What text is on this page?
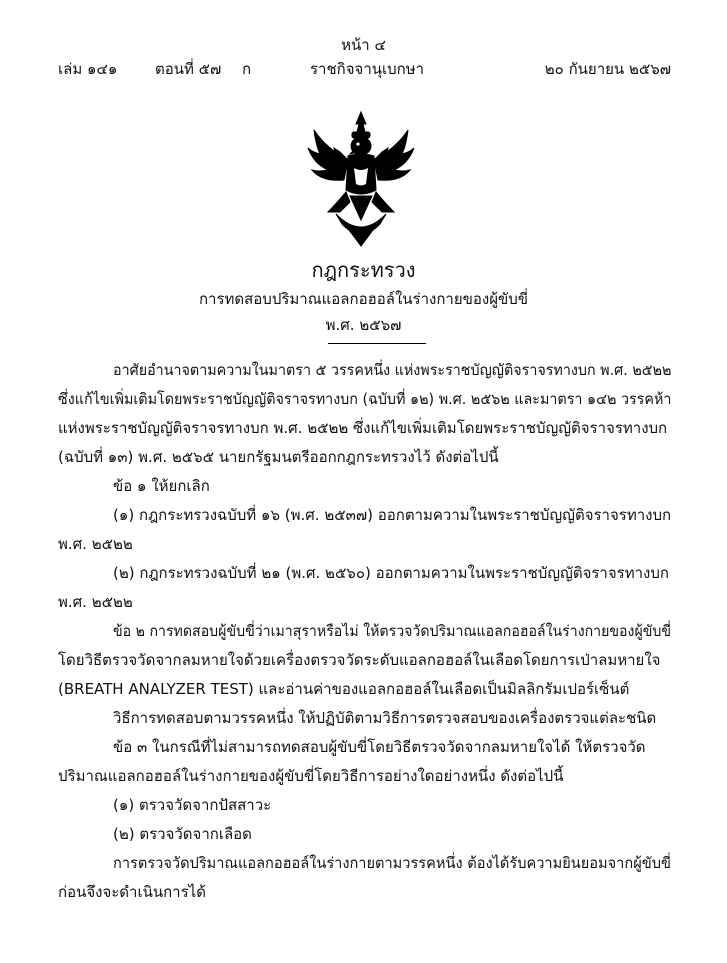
หน้า ๔
เล่ม ๑๔๑	ตอนที่ ๕๗ ก	ราชกิจจานุเบกษา	๒๐ กันยายน ๒๕๖๗
กฎกระทรวง
การทดสอบปริมาณแอลกอฮอล์ในร่างกายของผู้ขับขี่
พ.ศ. ๒๕๖๗
อาศัยอำนาจตามความในมาตรา ๕ วรรคหนึ่ง แห่งพระราชบัญญัติจราจรทางบก พ.ศ. ๒๕๒๒
ซึ่งแก้ไขเพิ่มเติมโดยพระราชบัญญัติจราจรทางบก (ฉบับที่ ๑๒) พ.ศ. ๒๕๖๒ และมาตรา ๑๔๒ วรรคห้า
แห่งพระราชบัญญัติจราจรทางบก พ.ศ. ๒๕๒๒ ซึ่งแก้ไขเพิ่มเติมโดยพระราชบัญญัติจราจรทางบก
(ฉบับที่ ๑๓) พ.ศ. ๒๕๖๕ นายกรัฐมนตรีออกกฎกระทรวงไว้ ดังต่อไปนี้
ข้อ ๑ ให้ยกเลิก
(๑) กฎกระทรวงฉบับที่ ๑๖ (พ.ศ. ๒๕๓๗) ออกตามความในพระราชบัญญัติจราจรทางบก
พ.ศ. ๒๕๒๒
(๒) กฎกระทรวงฉบับที่ ๒๑ (พ.ศ. ๒๕๖๐) ออกตามความในพระราชบัญญัติจราจรทางบก
พ.ศ. ๒๕๒๒
ข้อ ๒ การทดสอบผู้ขับขี่ว่าเมาสุราหรือไม่ ให้ตรวจวัดปริมาณแอลกอฮอล์ในร่างกายของผู้ขับขี่
โดยวิธีตรวจวัดจากลมหายใจด้วยเครื่องตรวจวัดระดับแอลกอฮอล์ในเลือดโดยการเป่าลมหายใจ
(BREATH ANALYZER TEST) และอ่านค่าของแอลกอฮอล์ในเลือดเป็นมิลลิกรัมเปอร์เซ็นต์
วิธีการทดสอบตามวรรคหนึ่ง ให้ปฏิบัติตามวิธีการตรวจสอบของเครื่องตรวจแต่ละชนิด
ข้อ ๓ ในกรณีที่ไม่สามารถทดสอบผู้ขับขี่โดยวิธีตรวจวัดจากลมหายใจได้ ให้ตรวจวัด
ปริมาณแอลกอฮอล์ในร่างกายของผู้ขับขี่โดยวิธีการอย่างใดอย่างหนึ่ง ดังต่อไปนี้
(๑) ตรวจวัดจากปัสสาวะ
(๒) ตรวจวัดจากเลือด
การตรวจวัดปริมาณแอลกอฮอล์ในร่างกายตามวรรคหนึ่ง ต้องได้รับความยินยอมจากผู้ขับขี่
ก่อนจึงจะดำเนินการได้
